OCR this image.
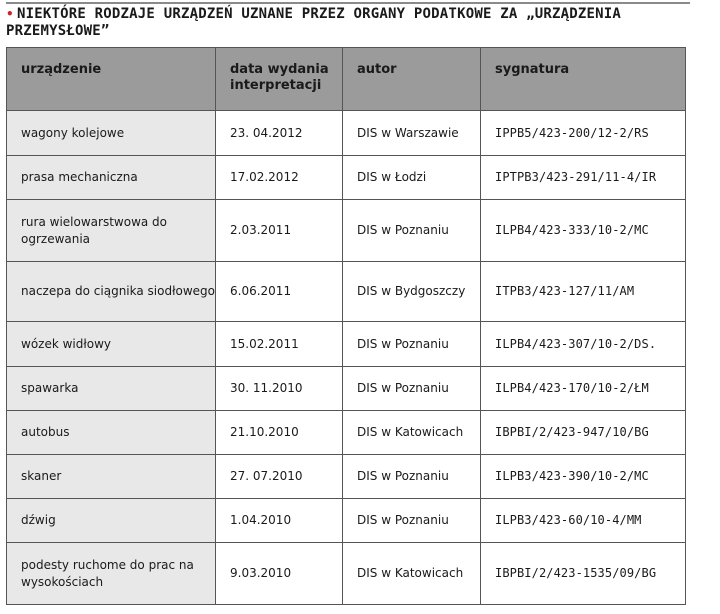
• NIEKTÓRE RODZAJE URZĄDZEŃ UZNANE PRZEZ ORGANY PODATKOWE ZA „URZĄDZENIA PRZEMYSŁOWE”
urządzenie	data wydania interpretacji	autor	sygnatura
wagony kolejowe	23. 04.2012	DIS w Warszawie	IPPB5/423-200/12-2/RS
prasa mechaniczna	17.02.2012	DIS w Łodzi	IPTPB3/423-291/11-4/IR
rura wielowarstwowa do ogrzewania	2.03.2011	DIS w Poznaniu	ILPB4/423-333/10-2/MC
naczepa do ciągnika siodłowego	6.06.2011	DIS w Bydgoszczy	ITPB3/423-127/11/AM
wózek widłowy	15.02.2011	DIS w Poznaniu	ILPB4/423-307/10-2/DS.
spawarka	30. 11.2010	DIS w Poznaniu	ILPB4/423-170/10-2/ŁM
autobus	21.10.2010	DIS w Katowicach	IBPBI/2/423-947/10/BG
skaner	27. 07.2010	DIS w Poznaniu	ILPB3/423-390/10-2/MC
dźwig	1.04.2010	DIS w Poznaniu	ILPB3/423-60/10-4/MM
podesty ruchome do prac na wysokościach	9.03.2010	DIS w Katowicach	IBPBI/2/423-1535/09/BG
